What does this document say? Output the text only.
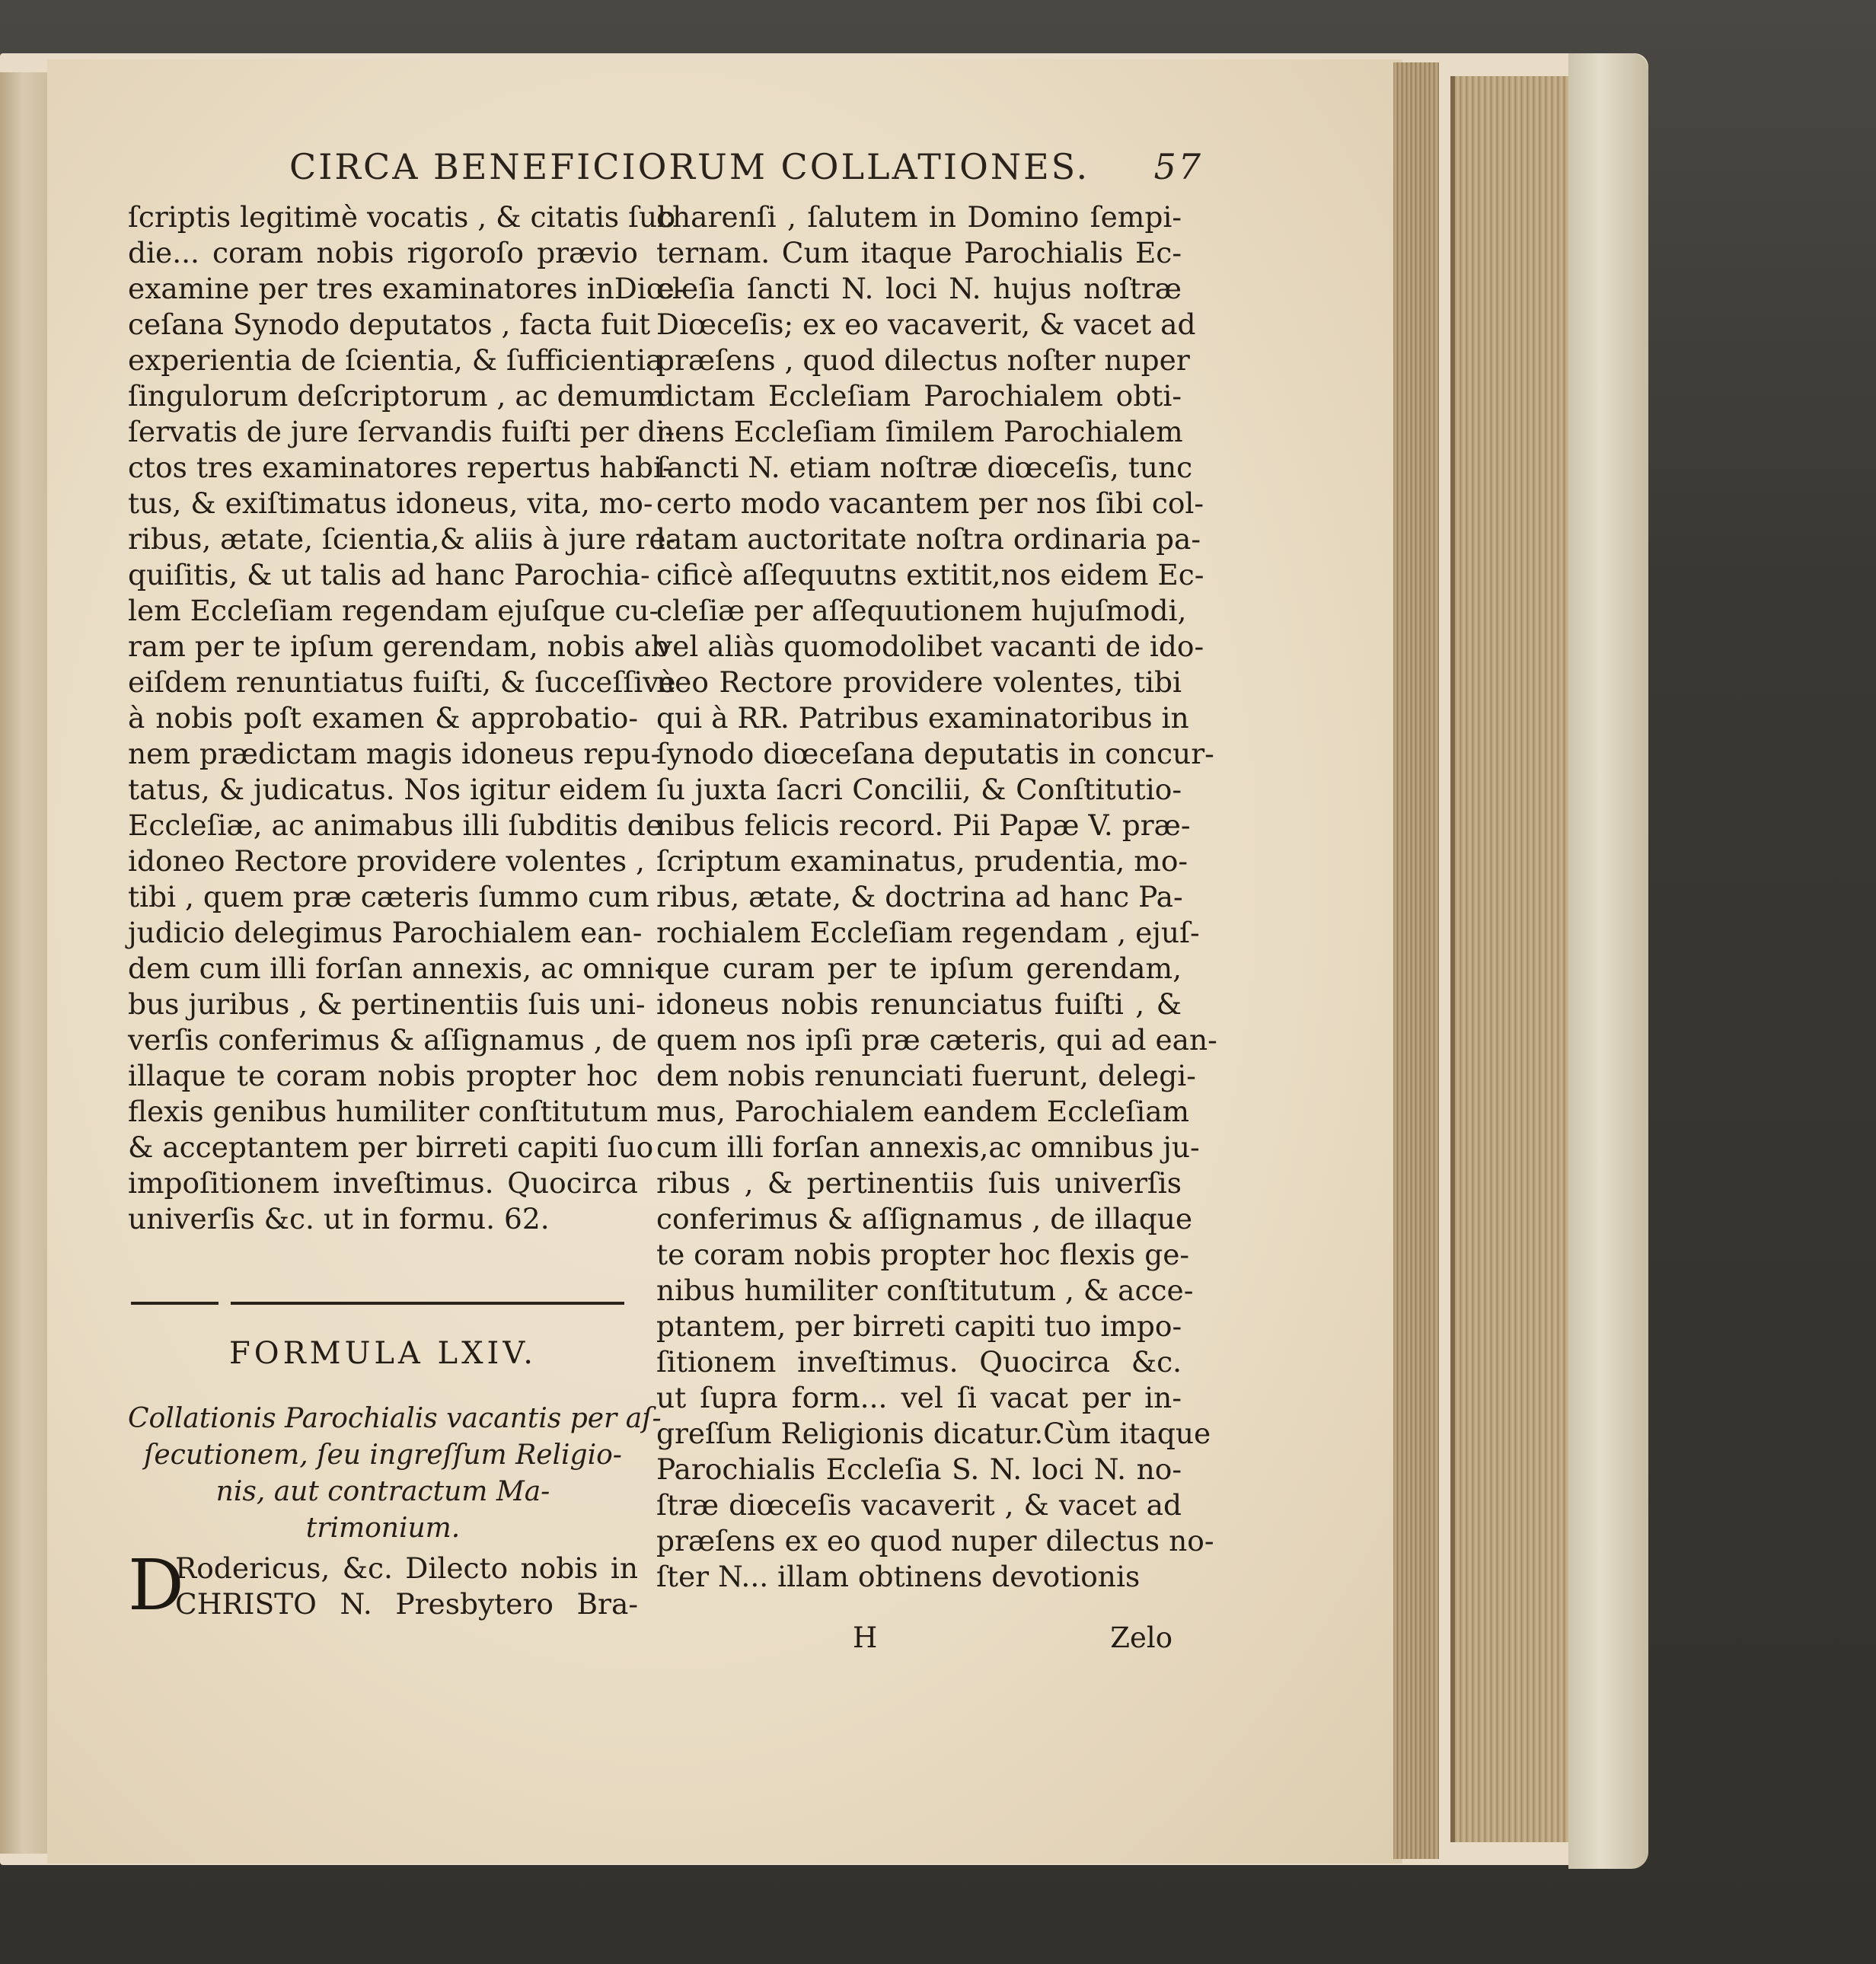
CIRCA BENEFICIORUM COLLATIONES. 57
ſcriptis legitimè vocatis , & citatis ſub
die... coram nobis rigoroſo prævio
examine per tres examinatores inDiœ-
ceſana Synodo deputatos , facta fuit
experientia de ſcientia, & ſufficientia
ſingulorum deſcriptorum , ac demum
ſervatis de jure ſervandis fuiſti per di-
ctos tres examinatores repertus habi-
tus, & exiſtimatus idoneus, vita, mo-
ribus, ætate, ſcientia,& aliis à jure re-
quiſitis, & ut talis ad hanc Parochia-
lem Eccleſiam regendam ejuſque cu-
ram per te ipſum gerendam, nobis ab
eiſdem renuntiatus fuiſti, & ſucceſſivè
à nobis poſt examen & approbatio-
nem prædictam magis idoneus repu-
tatus, & judicatus. Nos igitur eidem
Eccleſiæ, ac animabus illi ſubditis de
idoneo Rectore providere volentes ,
tibi , quem præ cæteris ſummo cum
judicio delegimus Parochialem ean-
dem cum illi forſan annexis, ac omni-
bus juribus , & pertinentiis ſuis uni-
verſis conferimus & aſſignamus , de
illaque te coram nobis propter hoc
flexis genibus humiliter conſtitutum
& acceptantem per birreti capiti ſuo
impoſitionem inveſtimus. Quocirca
univerſis &c. ut in formu. 62.
FORMULA LXIV.
Collationis Parochialis vacantis per aſ-
ſecutionem, ſeu ingreſſum Religio-
nis, aut contractum Ma-
trimonium.
D
Rodericus, &c. Dilecto nobis in
CHRISTO N. Presbytero Bra-
charenſi , ſalutem in Domino ſempi-
ternam. Cum itaque Parochialis Ec-
cleſia ſancti N. loci N. hujus noſtræ
Diœceſis; ex eo vacaverit, & vacet ad
præſens , quod dilectus noſter nuper
dictam Eccleſiam Parochialem obti-
nens Eccleſiam ſimilem Parochialem
ſancti N. etiam noſtræ diœceſis, tunc
certo modo vacantem per nos ſibi col-
latam auctoritate noſtra ordinaria pa-
cificè aſſequutns extitit,nos eidem Ec-
cleſiæ per aſſequutionem hujuſmodi,
vel aliàs quomodolibet vacanti de ido-
neo Rectore providere volentes, tibi
qui à RR. Patribus examinatoribus in
ſynodo diœceſana deputatis in concur-
ſu juxta ſacri Concilii, & Conſtitutio-
nibus felicis record. Pii Papæ V. præ-
ſcriptum examinatus, prudentia, mo-
ribus, ætate, & doctrina ad hanc Pa-
rochialem Eccleſiam regendam , ejuſ-
que curam per te ipſum gerendam,
idoneus nobis renunciatus fuiſti , &
quem nos ipſi præ cæteris, qui ad ean-
dem nobis renunciati fuerunt, delegi-
mus, Parochialem eandem Eccleſiam
cum illi forſan annexis,ac omnibus ju-
ribus , & pertinentiis ſuis univerſis
conferimus & aſſignamus , de illaque
te coram nobis propter hoc flexis ge-
nibus humiliter conſtitutum , & acce-
ptantem, per birreti capiti tuo impo-
ſitionem inveſtimus. Quocirca &c.
ut ſupra form... vel ſi vacat per in-
greſſum Religionis dicatur.Cùm itaque
Parochialis Eccleſia S. N. loci N. no-
ſtræ diœceſis vacaverit , & vacet ad
præſens ex eo quod nuper dilectus no-
ſter N... illam obtinens devotionis
H	Zelo
